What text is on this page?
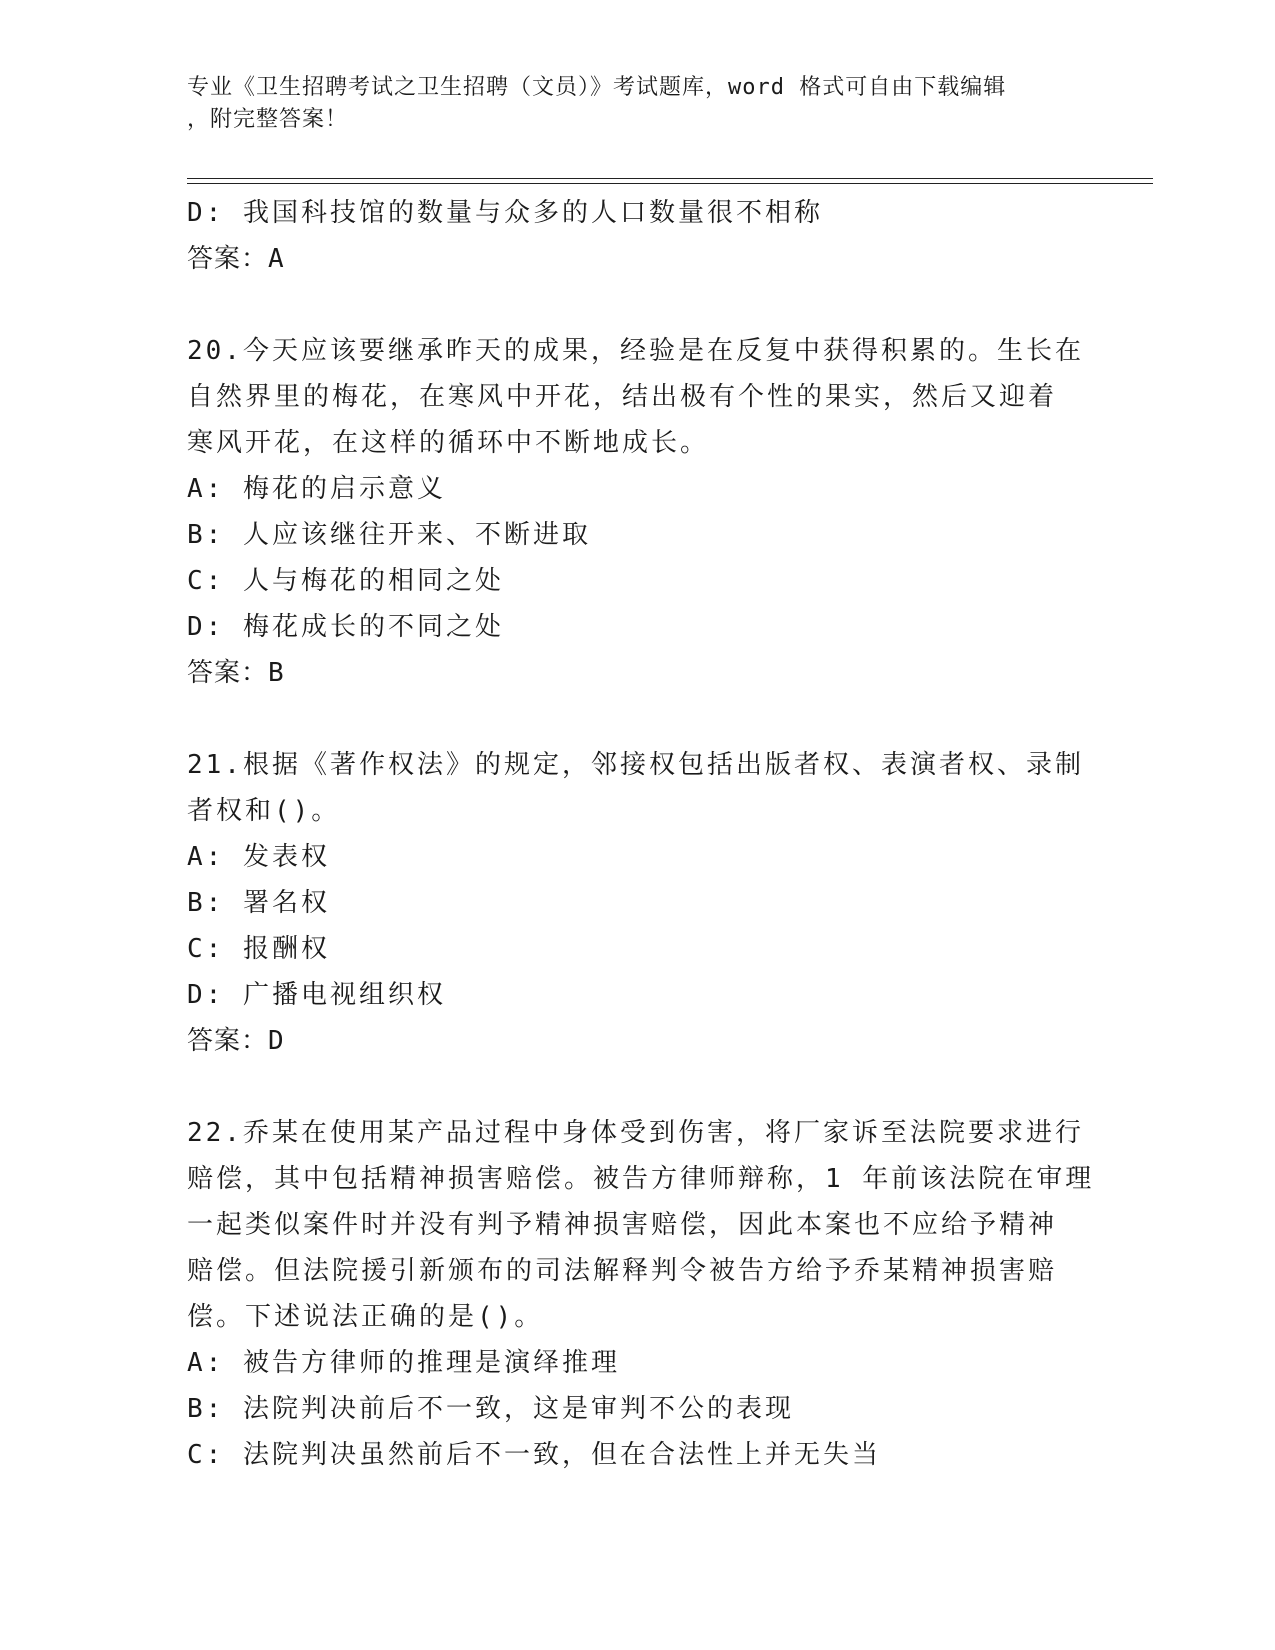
专业《卫生招聘考试之卫生招聘（文员）》考试题库，word 格式可自由下载编辑
，附完整答案！
D: 我国科技馆的数量与众多的人口数量很不相称
答案：A
20.今天应该要继承昨天的成果，经验是在反复中获得积累的。生长在
自然界里的梅花，在寒风中开花，结出极有个性的果实，然后又迎着
寒风开花，在这样的循环中不断地成长。
A: 梅花的启示意义
B: 人应该继往开来、不断进取
C: 人与梅花的相同之处
D: 梅花成长的不同之处
答案：B
21.根据《著作权法》的规定，邻接权包括出版者权、表演者权、录制
者权和()。
A: 发表权
B: 署名权
C: 报酬权
D: 广播电视组织权
答案：D
22.乔某在使用某产品过程中身体受到伤害，将厂家诉至法院要求进行
赔偿，其中包括精神损害赔偿。被告方律师辩称，1 年前该法院在审理
一起类似案件时并没有判予精神损害赔偿，因此本案也不应给予精神
赔偿。但法院援引新颁布的司法解释判令被告方给予乔某精神损害赔
偿。下述说法正确的是()。
A: 被告方律师的推理是演绎推理
B: 法院判决前后不一致，这是审判不公的表现
C: 法院判决虽然前后不一致，但在合法性上并无失当
